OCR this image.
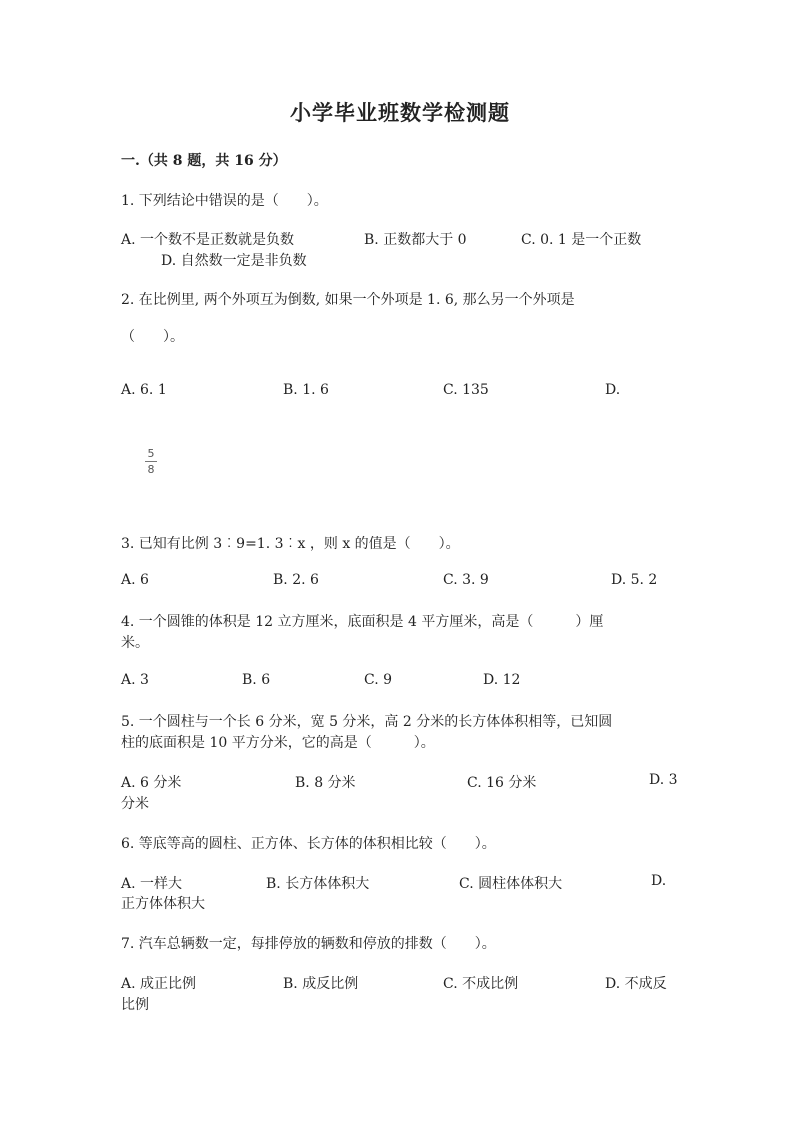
小学毕业班数学检测题
一.（共 8 题，共 16 分）
1. 下列结论中错误的是（　　）。
A. 一个数不是正数就是负数	B. 正数都大于 0	C. 0. 1 是一个正数
D. 自然数一定是非负数
2. 在比例里, 两个外项互为倒数, 如果一个外项是 1. 6, 那么另一个外项是
（　　）。
A. 6. 1	B. 1. 6	C. 135	D.
5
8
3. 已知有比例 3︰9=1. 3︰x ，则 x 的值是（　　）。
A. 6	B. 2. 6	C. 3. 9	D. 5. 2
4. 一个圆锥的体积是 12 立方厘米，底面积是 4 平方厘米，高是（　　　）厘
米。
A. 3	B. 6	C. 9	D. 12
5. 一个圆柱与一个长 6 分米，宽 5 分米，高 2 分米的长方体体积相等，已知圆
柱的底面积是 10 平方分米，它的高是（　　　）。
A. 6 分米	B. 8 分米	C. 16 分米	D. 3
分米
6. 等底等高的圆柱、正方体、长方体的体积相比较（　　）。
A. 一样大	B. 长方体体积大	C. 圆柱体体积大	D.
正方体体积大
7. 汽车总辆数一定，每排停放的辆数和停放的排数（　　）。
A. 成正比例	B. 成反比例	C. 不成比例	D. 不成反
比例
